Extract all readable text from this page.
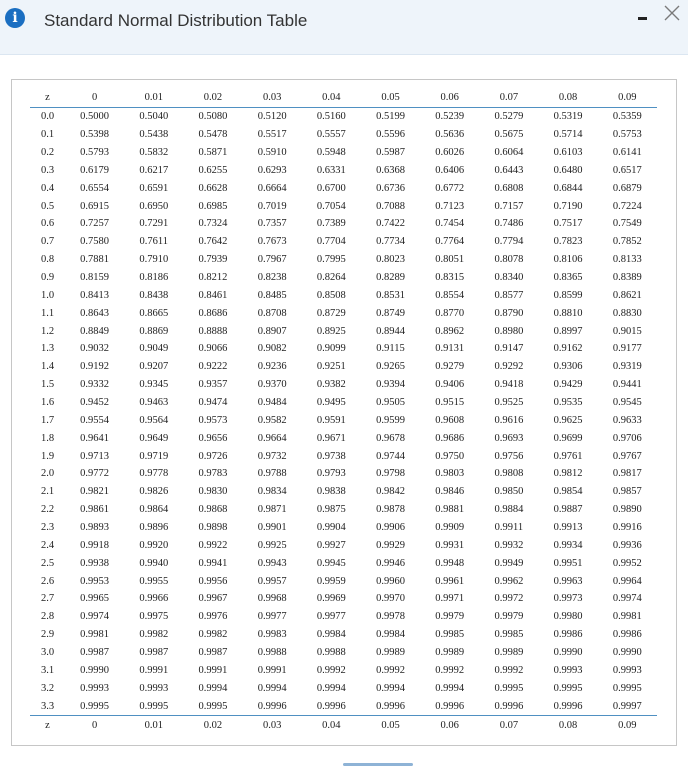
i	Standard Normal Distribution Table
z	0	0.01	0.02	0.03	0.04	0.05	0.06	0.07	0.08	0.09
0.0	0.5000	0.5040	0.5080	0.5120	0.5160	0.5199	0.5239	0.5279	0.5319	0.5359
0.1	0.5398	0.5438	0.5478	0.5517	0.5557	0.5596	0.5636	0.5675	0.5714	0.5753
0.2	0.5793	0.5832	0.5871	0.5910	0.5948	0.5987	0.6026	0.6064	0.6103	0.6141
0.3	0.6179	0.6217	0.6255	0.6293	0.6331	0.6368	0.6406	0.6443	0.6480	0.6517
0.4	0.6554	0.6591	0.6628	0.6664	0.6700	0.6736	0.6772	0.6808	0.6844	0.6879
0.5	0.6915	0.6950	0.6985	0.7019	0.7054	0.7088	0.7123	0.7157	0.7190	0.7224
0.6	0.7257	0.7291	0.7324	0.7357	0.7389	0.7422	0.7454	0.7486	0.7517	0.7549
0.7	0.7580	0.7611	0.7642	0.7673	0.7704	0.7734	0.7764	0.7794	0.7823	0.7852
0.8	0.7881	0.7910	0.7939	0.7967	0.7995	0.8023	0.8051	0.8078	0.8106	0.8133
0.9	0.8159	0.8186	0.8212	0.8238	0.8264	0.8289	0.8315	0.8340	0.8365	0.8389
1.0	0.8413	0.8438	0.8461	0.8485	0.8508	0.8531	0.8554	0.8577	0.8599	0.8621
1.1	0.8643	0.8665	0.8686	0.8708	0.8729	0.8749	0.8770	0.8790	0.8810	0.8830
1.2	0.8849	0.8869	0.8888	0.8907	0.8925	0.8944	0.8962	0.8980	0.8997	0.9015
1.3	0.9032	0.9049	0.9066	0.9082	0.9099	0.9115	0.9131	0.9147	0.9162	0.9177
1.4	0.9192	0.9207	0.9222	0.9236	0.9251	0.9265	0.9279	0.9292	0.9306	0.9319
1.5	0.9332	0.9345	0.9357	0.9370	0.9382	0.9394	0.9406	0.9418	0.9429	0.9441
1.6	0.9452	0.9463	0.9474	0.9484	0.9495	0.9505	0.9515	0.9525	0.9535	0.9545
1.7	0.9554	0.9564	0.9573	0.9582	0.9591	0.9599	0.9608	0.9616	0.9625	0.9633
1.8	0.9641	0.9649	0.9656	0.9664	0.9671	0.9678	0.9686	0.9693	0.9699	0.9706
1.9	0.9713	0.9719	0.9726	0.9732	0.9738	0.9744	0.9750	0.9756	0.9761	0.9767
2.0	0.9772	0.9778	0.9783	0.9788	0.9793	0.9798	0.9803	0.9808	0.9812	0.9817
2.1	0.9821	0.9826	0.9830	0.9834	0.9838	0.9842	0.9846	0.9850	0.9854	0.9857
2.2	0.9861	0.9864	0.9868	0.9871	0.9875	0.9878	0.9881	0.9884	0.9887	0.9890
2.3	0.9893	0.9896	0.9898	0.9901	0.9904	0.9906	0.9909	0.9911	0.9913	0.9916
2.4	0.9918	0.9920	0.9922	0.9925	0.9927	0.9929	0.9931	0.9932	0.9934	0.9936
2.5	0.9938	0.9940	0.9941	0.9943	0.9945	0.9946	0.9948	0.9949	0.9951	0.9952
2.6	0.9953	0.9955	0.9956	0.9957	0.9959	0.9960	0.9961	0.9962	0.9963	0.9964
2.7	0.9965	0.9966	0.9967	0.9968	0.9969	0.9970	0.9971	0.9972	0.9973	0.9974
2.8	0.9974	0.9975	0.9976	0.9977	0.9977	0.9978	0.9979	0.9979	0.9980	0.9981
2.9	0.9981	0.9982	0.9982	0.9983	0.9984	0.9984	0.9985	0.9985	0.9986	0.9986
3.0	0.9987	0.9987	0.9987	0.9988	0.9988	0.9989	0.9989	0.9989	0.9990	0.9990
3.1	0.9990	0.9991	0.9991	0.9991	0.9992	0.9992	0.9992	0.9992	0.9993	0.9993
3.2	0.9993	0.9993	0.9994	0.9994	0.9994	0.9994	0.9994	0.9995	0.9995	0.9995
3.3	0.9995	0.9995	0.9995	0.9996	0.9996	0.9996	0.9996	0.9996	0.9996	0.9997
z	0	0.01	0.02	0.03	0.04	0.05	0.06	0.07	0.08	0.09
